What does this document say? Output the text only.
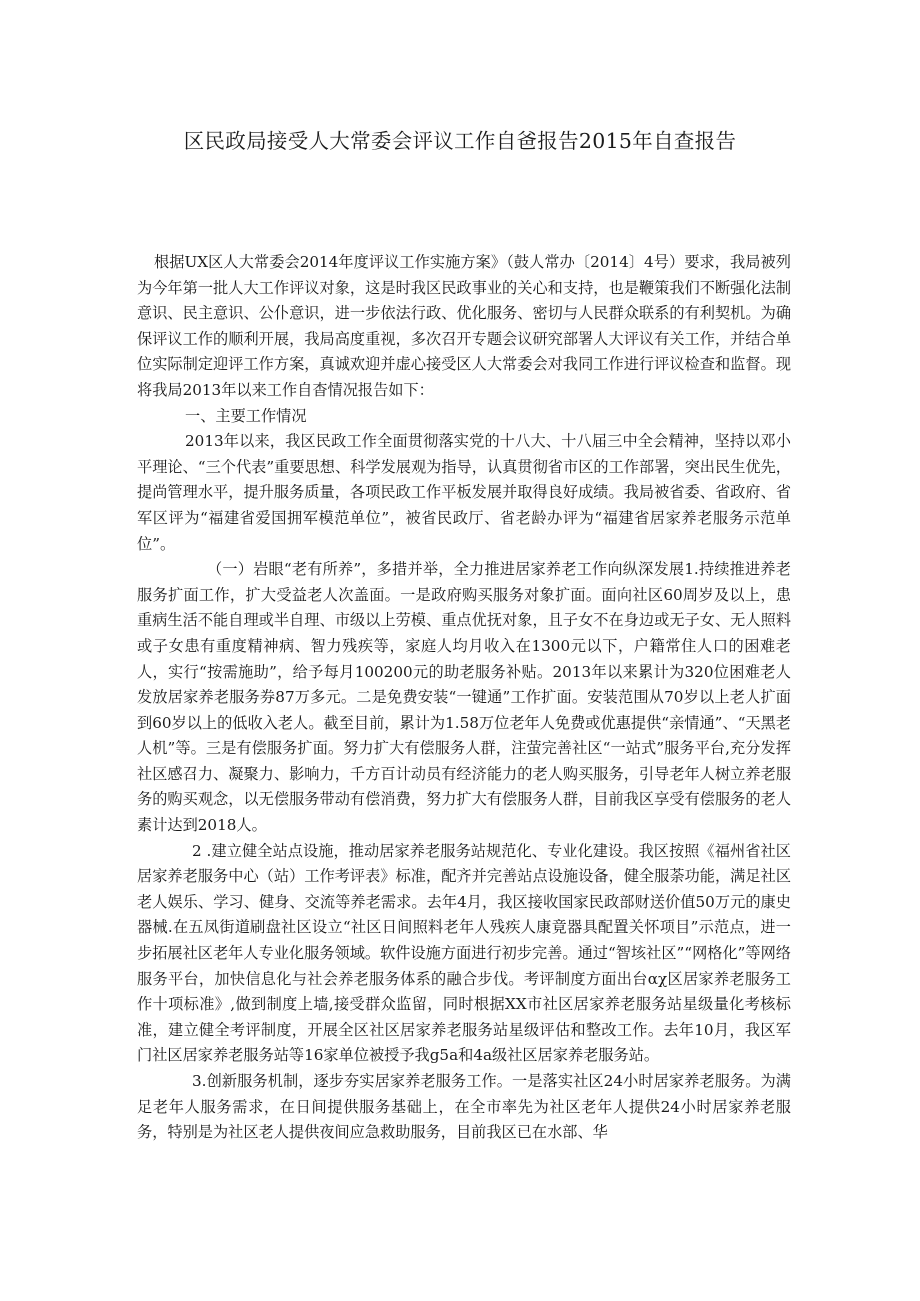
区民政局接受人大常委会评议工作自爸报告2015年自查报告

根据UX区人大常委会2014年度评议工作实施方案》（鼓人常办〔2014〕4号）要求，我局被列为今年第一批人大工作评议对象，这是时我区民政事业的关心和支持，也是鞭策我们不断强化法制意识、民主意识、公仆意识，进一步依法行政、优化服务、密切与人民群众联系的有利契机。为确保评议工作的顺利开展，我局高度重视，多次召开专题会议研究部署人大评议有关工作，并结合单位实际制定迎评工作方案，真诚欢迎并虚心接受区人大常委会对我同工作进行评议检查和监督。现将我局2013年以来工作自杳情况报告如下：

一、主要工作情况

2013年以来，我区民政工作全面贯彻落实党的十八大、十八届三中全会精神，坚持以邓小平理论、“三个代表”重要思想、科学发展观为指导，认真贯彻省市区的工作部署，突出民生优先，提尚管理水平，提升服务质量，各项民政工作平板发展并取得良好成绩。我局被省委、省政府、省军区评为“福建省爱国拥军模范单位”，被省民政厅、省老龄办评为“福建省居家养老服务示范单位”。

（一）岩眼“老有所养”，多措并举，全力推进居家养老工作向纵深发展1.持续推进养老服务扩面工作，扩大受益老人次盖面。一是政府购买服务对象扩面。面向社区60周岁及以上，患重病生活不能自理或半自理、市级以上劳模、重点优抚对象，且子女不在身边或无子女、无人照料或子女患有重度精神病、智力残疾等，家庭人均月收入在1300元以下，户籍常住人口的困难老人，实行“按需施助”，给予每月100200元的助老服务补贴。2013年以来累计为320位困难老人发放居家养老服务券87万多元。二是免费安装“一键通”工作扩面。安装范围从70岁以上老人扩面到60岁以上的低收入老人。截至目前，累计为1.58万位老年人免费或优惠提供“亲情通”、“天黑老人机”等。三是有偿服务扩面。努力扩大有偿服务人群，注萤完善社区“一站式”服务平台,充分发挥社区感召力、凝聚力、影响力，千方百计动员有经济能力的老人购买服务，引导老年人树立养老服务的购买观念，以无偿服务带动有偿消费，努力扩大有偿服务人群，目前我区享受有偿服务的老人素计达到2018人。

2 .建立健全站点设施，推动居家养老服务站规范化、专业化建设。我区按照《福州省社区居家养老服务中心（站）工作考评表》标准，配齐并完善站点设施设备，健全服荼功能，满足社区老人娱乐、学习、健身、交流等养老需求。去年4月，我区接收国家民政部财送价值50万元的康史器械.在五凤街道刷盘社区设立“社区日间照料老年人残疾人康竟器具配置关怀项目”示范点，进一步拓展社区老年人专业化服务领域。软件设施方面进行初步完善。通过“智垓社区”“网格化”等网络服务平台，加快信息化与社会养老服务体系的融合步伐。考评制度方面出台αχ区居家养老服务工作十项标准》,做到制度上墙,接受群众监留，同时根据XX市社区居家养老服务站星级量化考核标准，建立健全考评制度，开展全区社区居家养老服务站星级评估和整改工作。去年10月，我区军门社区居家养老服务站等16家单位被授予我g5a和4a级社区居家养老服务站。

3.创新服务机制，逐步夯实居家养老服务工作。一是落实社区24小时居家养老服务。为满足老年人服务需求，在日间提供服务基础上，在全市率先为社区老年人提供24小时居家养老服务，特别是为社区老人提供夜间应急救助服务，目前我区已在水部、华
